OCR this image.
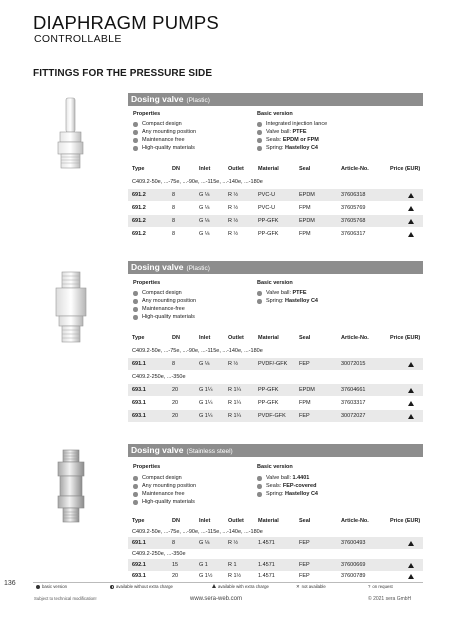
DIAPHRAGM PUMPS
CONTROLLABLE
FITTINGS FOR THE PRESSURE SIDE
Dosing valve (Plastic)
Properties	Basic version
Compact design
Any mounting position
Maintenance free
High-quality materials
Integrated injection lance
Valve ball: PTFE
Seals: EPDM or FPM
Spring: Hastelloy C4
Type	DN	Inlet	Outlet	Material	Seal	Article-No.	Price (EUR)
C409.2-50e, ...-75e, ...-90e, ...-115e, ...-140e, ...-180e
691.2	8	G ⅛	R ½	PVC-U	EPDM	37606318
691.2	8	G ⅛	R ½	PVC-U	FPM	37605769
691.2	8	G ⅛	R ½	PP-GFK	EPDM	37605768
691.2	8	G ⅛	R ½	PP-GFK	FPM	37606317
Dosing valve (Plastic)
Properties	Basic version
Compact design
Any mounting position
Maintenance-free
High-quality materials
Valve ball: PTFE
Spring: Hastelloy C4
Type	DN	Inlet	Outlet	Material	Seal	Article-No.	Price (EUR)
C409.2-50e, ...-75e, ...-90e, ...-115e, ...-140e, ...-180e
691.1	8	G ⅛	R ½	PVDF/-GFK FEP	30072015
C409.2-250e, ...-350e
693.1	20	G 1¼	R 1¼	PP-GFK	EPDM	37604661
693.1	20	G 1¼	R 1¼	PP-GFK	FPM	37603317
693.1	20	G 1¼	R 1¼	PVDF-GFK FEP	30072027
Dosing valve (Stainless steel)
Properties	Basic version
Compact design
Any mounting position
Maintenance free
High-quality materials
Valve ball: 1.4401
Seals: FEP-covered
Spring: Hastelloy C4
Type	DN	Inlet	Outlet	Material	Seal	Article-No.	Price (EUR)
C409.2-50e, ...-75e, ...-90e, ...-115e, ...-140e, ...-180e
691.1	8	G ⅛	R ½	1.4571	FEP	37600493
C409.2-250e, ...-350e
692.1	15	G 1	R 1	1.4571	FEP	37600669
693.1	20	G 1½	R 1½	1.4571	FEP	37600789
136	basic version	available without extra charge	available with extra charge	✕ not available	? on request
Subject to technical modification!	www.sera-web.com	© 2021 sera GmbH
